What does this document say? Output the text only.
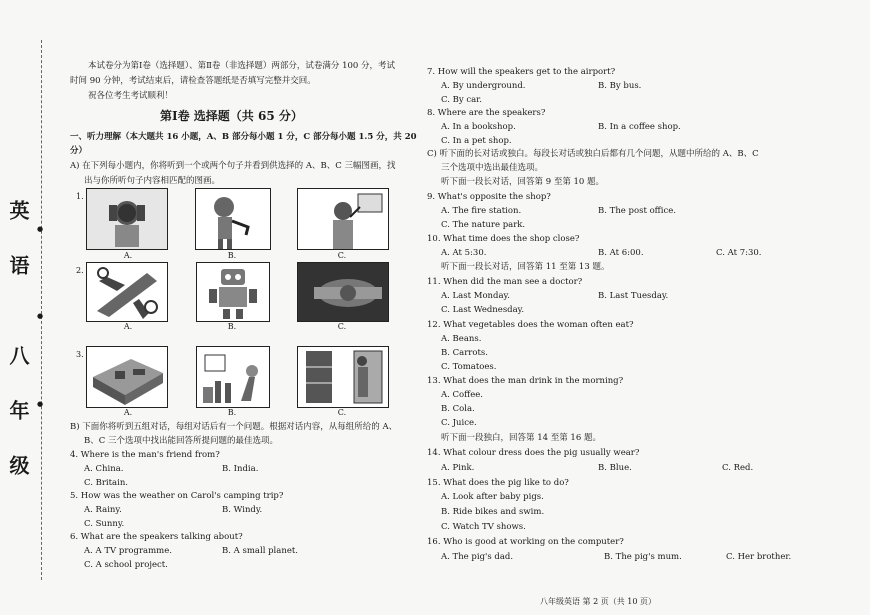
八 年 级
英 语 ●
●
●
本试卷分为第Ⅰ卷（选择题）、第Ⅱ卷（非选择题）两部分，试卷满分 100 分，考试
时间 90 分钟，考试结束后，请检查答题纸是否填写完整并交回。
祝各位考生考试顺利！
第Ⅰ卷 选择题（共 65 分）
一、听力理解（本大题共 16 小题，A、B 部分每小题 1 分，C 部分每小题 1.5 分，共 20
分）
A) 在下列每小题内，你将听到一个或两个句子并看到供选择的 A、B、C 三幅图画，找
出与你所听句子内容相匹配的图画。
1.
2.
3.
A.	B.	C.
A.	B.	C.
A.	B.	C.
B) 下面你将听到五组对话，每组对话后有一个问题。根据对话内容，从每组所给的 A、
B、C 三个选项中找出能回答所提问题的最佳选项。
4. Where is the man's friend from?
A. China.	B. India.
C. Britain.
5. How was the weather on Carol's camping trip?
A. Rainy.	B. Windy.
C. Sunny.
6. What are the speakers talking about?
A. A TV programme.	B. A small planet.
C. A school project.
7. How will the speakers get to the airport?
A. By underground.	B. By bus.
C. By car.
8. Where are the speakers?
A. In a bookshop.	B. In a coffee shop.
C. In a pet shop.
C) 听下面的长对话或独白。每段长对话或独白后都有几个问题，从题中所给的 A、B、C
三个选项中选出最佳选项。
听下面一段长对话，回答第 9 至第 10 题。
9. What's opposite the shop?
A. The fire station.	B. The post office.
C. The nature park.
10. What time does the shop close?
A. At 5:30.	B. At 6:00.	C. At 7:30.
听下面一段长对话，回答第 11 至第 13 题。
11. When did the man see a doctor?
A. Last Monday.	B. Last Tuesday.
C. Last Wednesday.
12. What vegetables does the woman often eat?
A. Beans.
B. Carrots.
C. Tomatoes.
13. What does the man drink in the morning?
A. Coffee.
B. Cola.
C. Juice.
听下面一段独白，回答第 14 至第 16 题。
14. What colour dress does the pig usually wear?
A. Pink.	B. Blue.	C. Red.
15. What does the pig like to do?
A. Look after baby pigs.
B. Ride bikes and swim.
C. Watch TV shows.
16. Who is good at working on the computer?
A. The pig's dad.	B. The pig's mum.	C. Her brother.
八年级英语 第 2 页（共 10 页）
